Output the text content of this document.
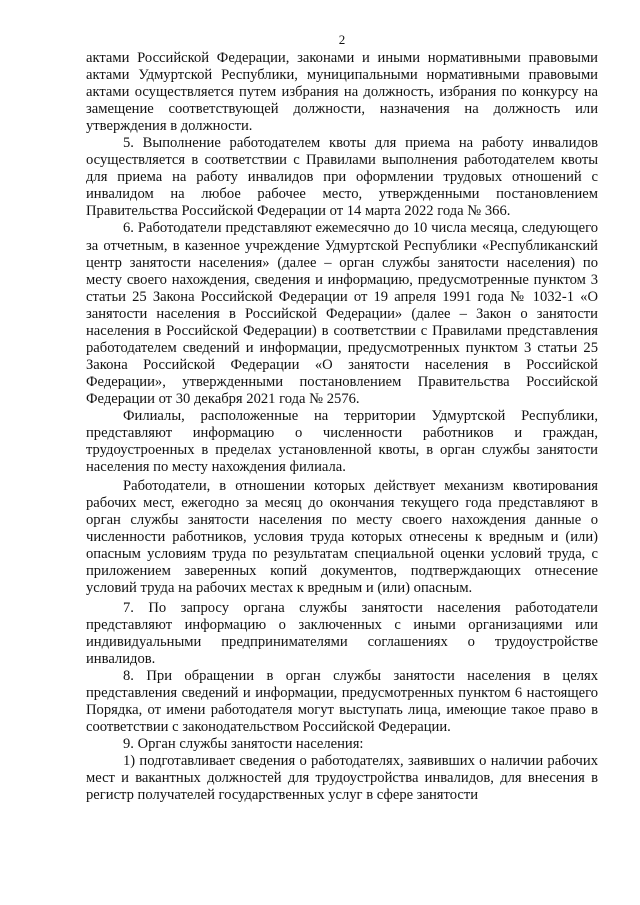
2

актами Российской Федерации, законами и иными нормативными правовыми актами Удмуртской Республики, муниципальными нормативными правовыми актами осуществляется путем избрания на должность, избрания по конкурсу на замещение соответствующей должности, назначения на должность или утверждения в должности.

5. Выполнение работодателем квоты для приема на работу инвалидов осуществляется в соответствии с Правилами выполнения работодателем квоты для приема на работу инвалидов при оформлении трудовых отношений с инвалидом на любое рабочее место, утвержденными постановлением Правительства Российской Федерации от 14 марта 2022 года № 366.

6. Работодатели представляют ежемесячно до 10 числа месяца, следующего за отчетным, в казенное учреждение Удмуртской Республики «Республиканский центр занятости населения» (далее – орган службы занятости населения) по месту своего нахождения, сведения и информацию, предусмотренные пунктом 3 статьи 25 Закона Российской Федерации от 19 апреля 1991 года № 1032-1 «О занятости населения в Российской Федерации» (далее – Закон о занятости населения в Российской Федерации) в соответствии с Правилами представления работодателем сведений и информации, предусмотренных пунктом 3 статьи 25 Закона Российской Федерации «О занятости населения в Российской Федерации», утвержденными постановлением Правительства Российской Федерации от 30 декабря 2021 года № 2576.

Филиалы, расположенные на территории Удмуртской Республики, представляют информацию о численности работников и граждан, трудоустроенных в пределах установленной квоты, в орган службы занятости населения по месту нахождения филиала.

Работодатели, в отношении которых действует механизм квотирования рабочих мест, ежегодно за месяц до окончания текущего года представляют в орган службы занятости населения по месту своего нахождения данные о численности работников, условия труда которых отнесены к вредным и (или) опасным условиям труда по результатам специальной оценки условий труда, с приложением заверенных копий документов, подтверждающих отнесение условий труда на рабочих местах к вредным и (или) опасным.

7. По запросу органа службы занятости населения работодатели представляют информацию о заключенных с иными организациями или индивидуальными предпринимателями соглашениях о трудоустройстве инвалидов.

8. При обращении в орган службы занятости населения в целях представления сведений и информации, предусмотренных пунктом 6 настоящего Порядка, от имени работодателя могут выступать лица, имеющие такое право в соответствии с законодательством Российской Федерации.

9. Орган службы занятости населения:

1) подготавливает сведения о работодателях, заявивших о наличии рабочих мест и вакантных должностей для трудоустройства инвалидов, для внесения в регистр получателей государственных услуг в сфере занятости
